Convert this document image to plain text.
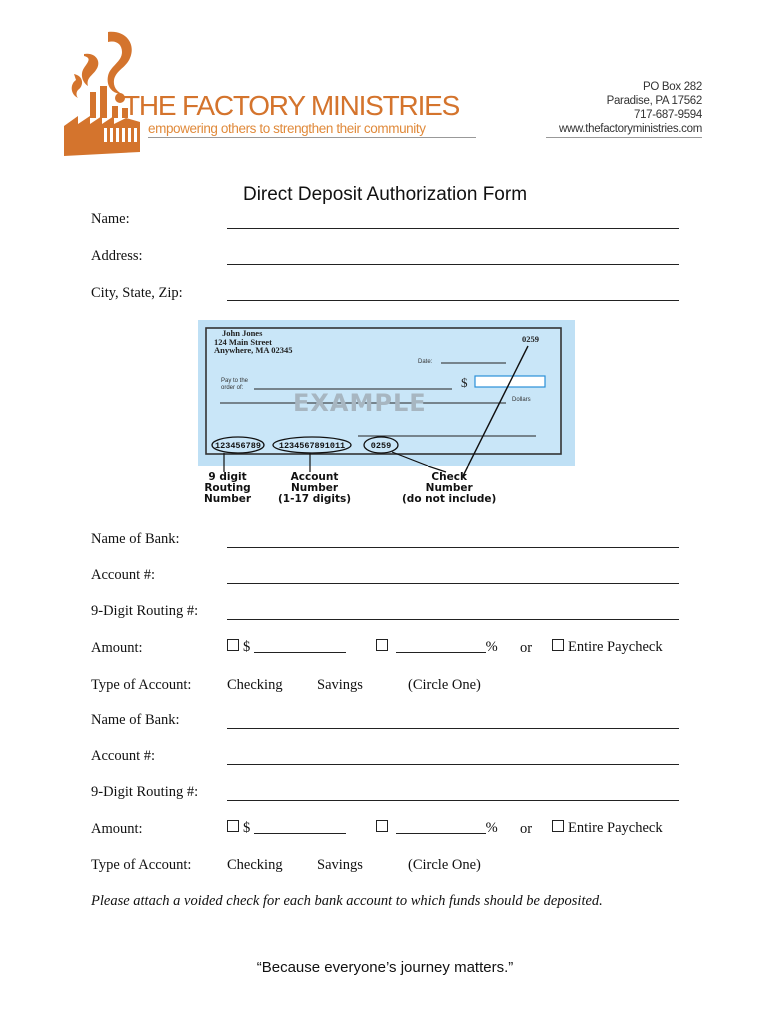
THE FACTORY MINISTRIES
empowering others to strengthen their community
PO Box 282
Paradise, PA 17562
717-687-9594
www.thefactoryministries.com
Direct Deposit Authorization Form
Name:
Address:
City, State, Zip:
John Jones
124 Main Street
Anywhere, MA 02345
0259
Date:
Pay to the
order of:	$
Dollars
EXAMPLE
123456789 1234567891011	0259
9 digit
Routing
Number
Account
Number
(1-17 digits)
Check
Number
(do not include)
Name of Bank:
Account #:
9-Digit Routing #:
Amount:	$	% or	Entire Paycheck
Type of Account: Checking Savings	(Circle One)
Name of Bank:
Account #:
9-Digit Routing #:
Amount:	$	% or	Entire Paycheck
Type of Account: Checking Savings	(Circle One)
Please attach a voided check for each bank account to which funds should be deposited.
“Because everyone’s journey matters.”
